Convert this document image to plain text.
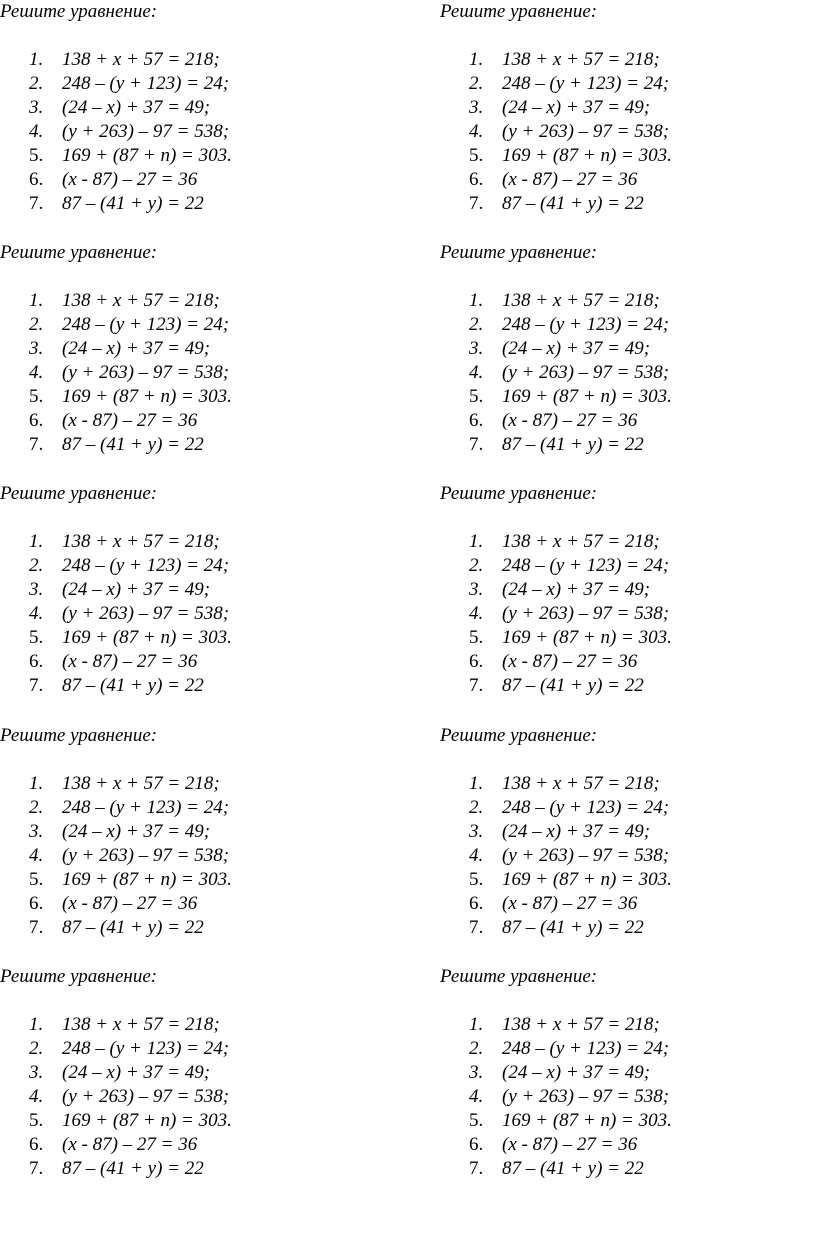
Решите уравнение:
1. 138 + x + 57 = 218;
2. 248 – (y + 123) = 24;
3. (24 – x) + 37 = 49;
4. (y + 263) – 97 = 538;
5. 169 + (87 + n) = 303.
6. (x - 87) – 27 = 36
7. 87 – (41 + y) = 22
Решите уравнение:
1. 138 + x + 57 = 218;
2. 248 – (y + 123) = 24;
3. (24 – x) + 37 = 49;
4. (y + 263) – 97 = 538;
5. 169 + (87 + n) = 303.
6. (x - 87) – 27 = 36
7. 87 – (41 + y) = 22
Решите уравнение:
1. 138 + x + 57 = 218;
2. 248 – (y + 123) = 24;
3. (24 – x) + 37 = 49;
4. (y + 263) – 97 = 538;
5. 169 + (87 + n) = 303.
6. (x - 87) – 27 = 36
7. 87 – (41 + y) = 22
Решите уравнение:
1. 138 + x + 57 = 218;
2. 248 – (y + 123) = 24;
3. (24 – x) + 37 = 49;
4. (y + 263) – 97 = 538;
5. 169 + (87 + n) = 303.
6. (x - 87) – 27 = 36
7. 87 – (41 + y) = 22
Решите уравнение:
1. 138 + x + 57 = 218;
2. 248 – (y + 123) = 24;
3. (24 – x) + 37 = 49;
4. (y + 263) – 97 = 538;
5. 169 + (87 + n) = 303.
6. (x - 87) – 27 = 36
7. 87 – (41 + y) = 22
Решите уравнение:
1. 138 + x + 57 = 218;
2. 248 – (y + 123) = 24;
3. (24 – x) + 37 = 49;
4. (y + 263) – 97 = 538;
5. 169 + (87 + n) = 303.
6. (x - 87) – 27 = 36
7. 87 – (41 + y) = 22
Решите уравнение:
1. 138 + x + 57 = 218;
2. 248 – (y + 123) = 24;
3. (24 – x) + 37 = 49;
4. (y + 263) – 97 = 538;
5. 169 + (87 + n) = 303.
6. (x - 87) – 27 = 36
7. 87 – (41 + y) = 22
Решите уравнение:
1. 138 + x + 57 = 218;
2. 248 – (y + 123) = 24;
3. (24 – x) + 37 = 49;
4. (y + 263) – 97 = 538;
5. 169 + (87 + n) = 303.
6. (x - 87) – 27 = 36
7. 87 – (41 + y) = 22
Решите уравнение:
1. 138 + x + 57 = 218;
2. 248 – (y + 123) = 24;
3. (24 – x) + 37 = 49;
4. (y + 263) – 97 = 538;
5. 169 + (87 + n) = 303.
6. (x - 87) – 27 = 36
7. 87 – (41 + y) = 22
Решите уравнение:
1. 138 + x + 57 = 218;
2. 248 – (y + 123) = 24;
3. (24 – x) + 37 = 49;
4. (y + 263) – 97 = 538;
5. 169 + (87 + n) = 303.
6. (x - 87) – 27 = 36
7. 87 – (41 + y) = 22
